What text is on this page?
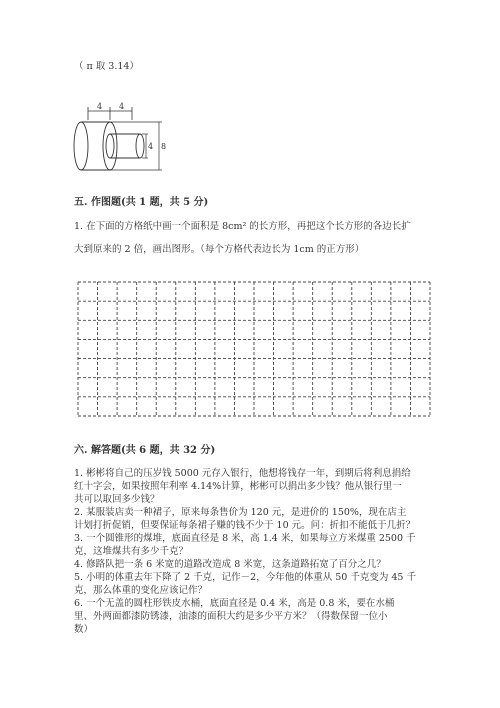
（ π 取 3.14）
4 4
4 8
五. 作图题(共 1 题，共 5 分)
1. 在下面的方格纸中画一个面积是 8cm² 的长方形，再把这个长方形的各边长扩
大到原来的 2 倍，画出图形。（每个方格代表边长为 1cm 的正方形）
六. 解答题(共 6 题，共 32 分)
1. 彬彬将自己的压岁钱 5000 元存入银行，他想将钱存一年，到期后将利息捐给
红十字会，如果按照年利率 4.14%计算，彬彬可以捐出多少钱？他从银行里一
共可以取回多少钱？
2. 某服装店卖一种裙子，原来每条售价为 120 元，是进价的 150%，现在店主
计划打折促销，但要保证每条裙子赚的钱不少于 10 元。问：折扣不能低于几折？
3. 一个圆锥形的煤堆，底面直径是 8 米，高 1.4 米，如果每立方米煤重 2500 千
克，这堆煤共有多少千克？
4. 修路队把一条 6 米宽的道路改造成 8 米宽，这条道路拓宽了百分之几？
5. 小明的体重去年下降了 2 千克，记作－2，今年他的体重从 50 千克变为 45 千
克，那么体重的变化应该记作？
6. 一个无盖的圆柱形铁皮水桶，底面直径是 0.4 米，高是 0.8 米，要在水桶
里、外两面都漆防锈漆，油漆的面积大约是多少平方米？（得数保留一位小
数）
